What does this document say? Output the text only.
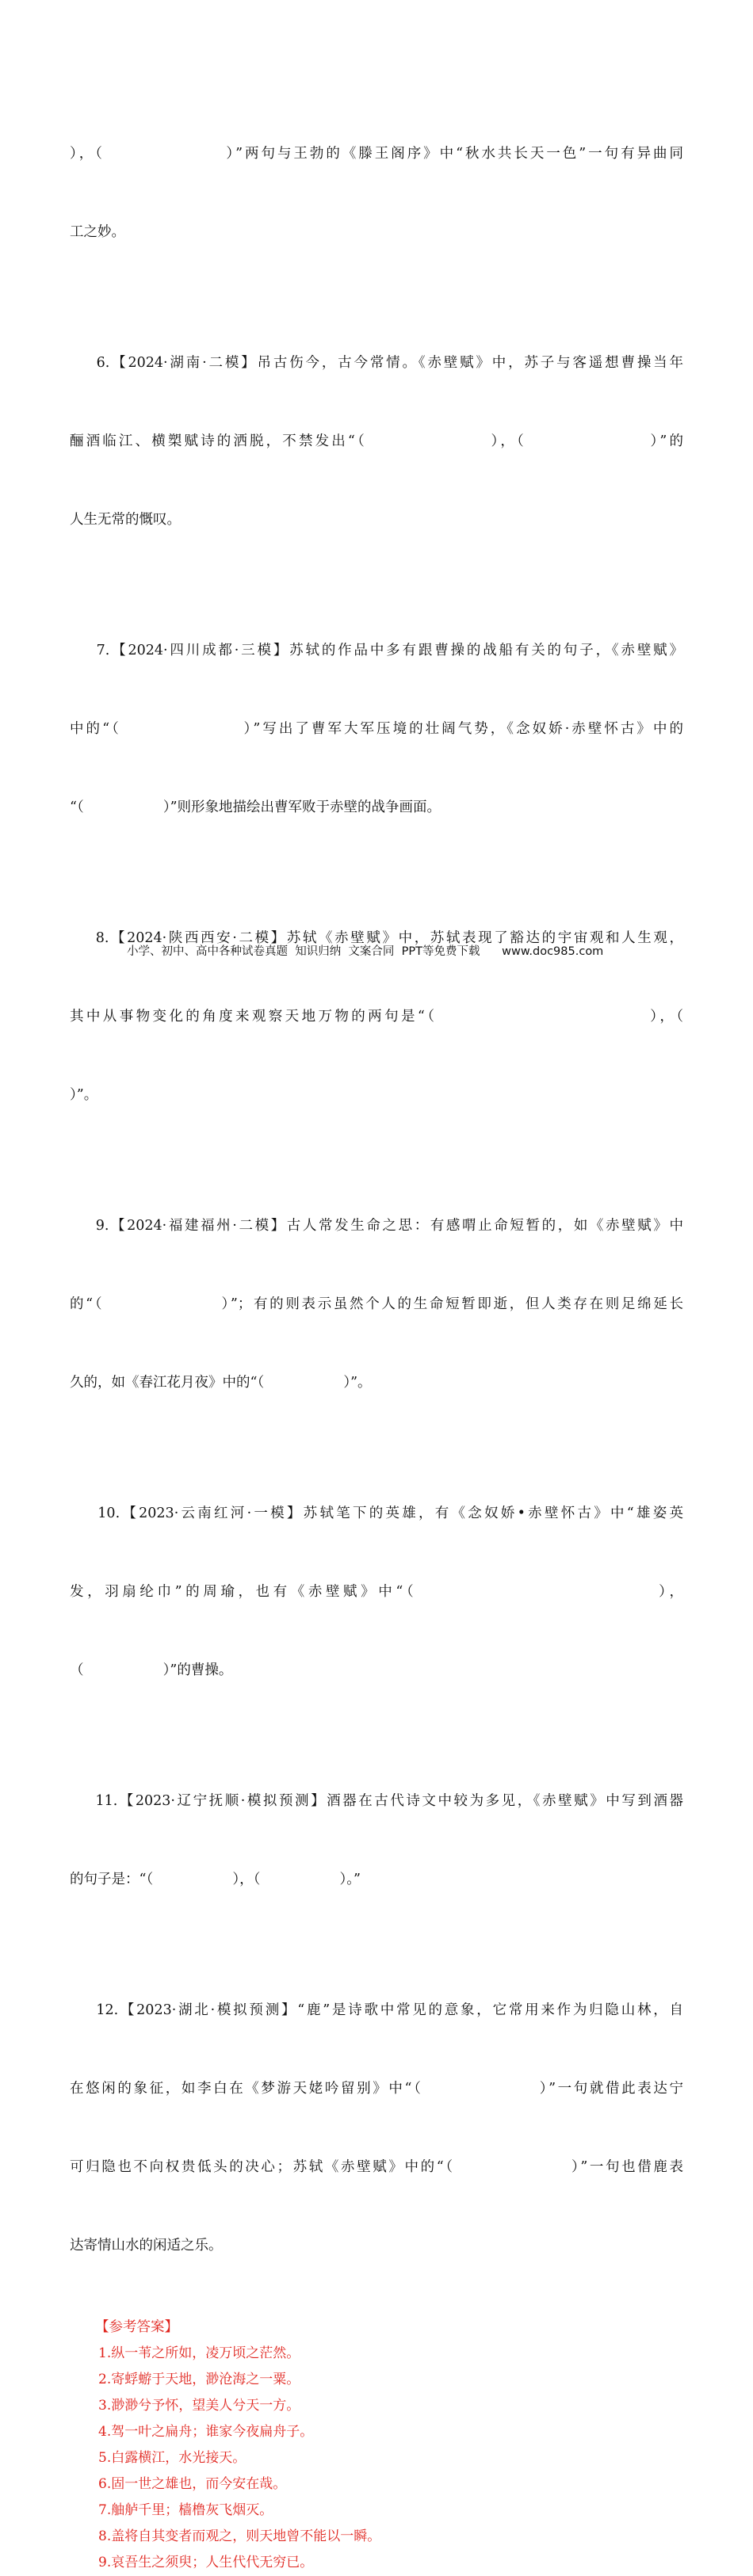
），（                  ）”两句与王勃的《滕王阁序》中“秋水共长天一色”一句有异曲同

工之妙。

6.【2024·湖南·二模】吊古伤今，古今常情。《赤壁赋》中，苏子与客遥想曹操当年

酾酒临江、横槊赋诗的洒脱，不禁发出“（                  ），（                  ）”的

人生无常的慨叹。

7.【2024·四川成都·三模】苏轼的作品中多有跟曹操的战船有关的句子，《赤壁赋》

中的“（                  ）”写出了曹军大军压境的壮阔气势，《念奴娇·赤壁怀古》中的

“（                  ）”则形象地描绘出曹军败于赤壁的战争画面。

8.【2024·陕西西安·二模】苏轼《赤壁赋》中，苏轼表现了豁达的宇宙观和人生观，

其中从事物变化的角度来观察天地万物的两句是“（                              ），（

）”。

9.【2024·福建福州·二模】古人常发生命之思：有感喟止命短暂的，如《赤壁赋》中

的“（                  ）”；有的则表示虽然个人的生命短暂即逝，但人类存在则足绵延长

久的，如《春江花月夜》中的“（                  ）”。

10.【2023·云南红河·一模】苏轼笔下的英雄，有《念奴娇•赤壁怀古》中“雄姿英

发，羽扇纶巾”的周瑜，也有《赤壁赋》中“（                              ），

（                  ）”的曹操。

11.【2023·辽宁抚顺·模拟预测】酒器在古代诗文中较为多见，《赤壁赋》中写到酒器

的句子是：“（                  ），（                  ）。”

12.【2023·湖北·模拟预测】“鹿”是诗歌中常见的意象，它常用来作为归隐山林，自

在悠闲的象征，如李白在《梦游天姥吟留别》中“（                  ）”一句就借此表达宁

可归隐也不向权贵低头的决心；苏轼《赤壁赋》中的“（                  ）”一句也借鹿表

达寄情山水的闲适之乐。

【参考答案】
1.纵一苇之所如，凌万顷之茫然。
2.寄蜉蝣于天地，渺沧海之一粟。
3.渺渺兮予怀，望美人兮天一方。
4.驾一叶之扁舟；谁家今夜扁舟子。
5.白露横江，水光接天。
6.固一世之雄也，而今安在哉。
7.舳舻千里；樯橹灰飞烟灭。
8.盖将自其变者而观之，则天地曾不能以一瞬。
9.哀吾生之须臾；人生代代无穷已。
小学、初中、高中各种试卷真题  知识归纳  文案合同  PPT等免费下载      www.doc985.com
